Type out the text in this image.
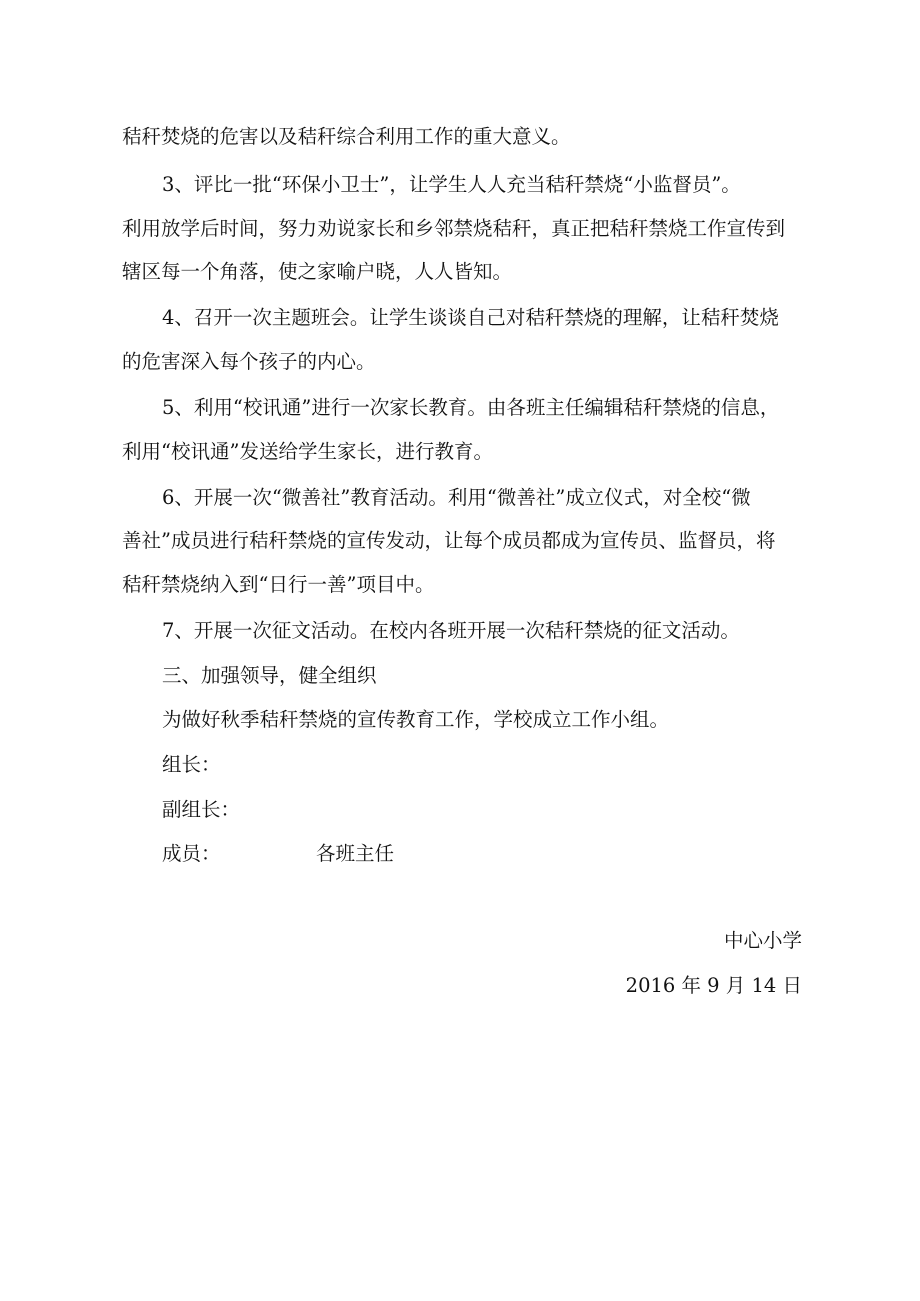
秸秆焚烧的危害以及秸秆综合利用工作的重大意义。
3、评比一批“环保小卫士”，让学生人人充当秸秆禁烧“小监督员”。
利用放学后时间，努力劝说家长和乡邻禁烧秸秆，真正把秸秆禁烧工作宣传到
辖区每一个角落，使之家喻户晓，人人皆知。
4、召开一次主题班会。让学生谈谈自己对秸秆禁烧的理解，让秸秆焚烧
的危害深入每个孩子的内心。
5、利用“校讯通”进行一次家长教育。由各班主任编辑秸秆禁烧的信息，
利用“校讯通”发送给学生家长，进行教育。
6、开展一次“微善社”教育活动。利用“微善社”成立仪式，对全校“微
善社”成员进行秸秆禁烧的宣传发动，让每个成员都成为宣传员、监督员，将
秸秆禁烧纳入到“日行一善”项目中。
7、开展一次征文活动。在校内各班开展一次秸秆禁烧的征文活动。
三、加强领导，健全组织
为做好秋季秸秆禁烧的宣传教育工作，学校成立工作小组。
组长：
副组长：
成员：	各班主任
中心小学
2016 年 9 月 14 日
